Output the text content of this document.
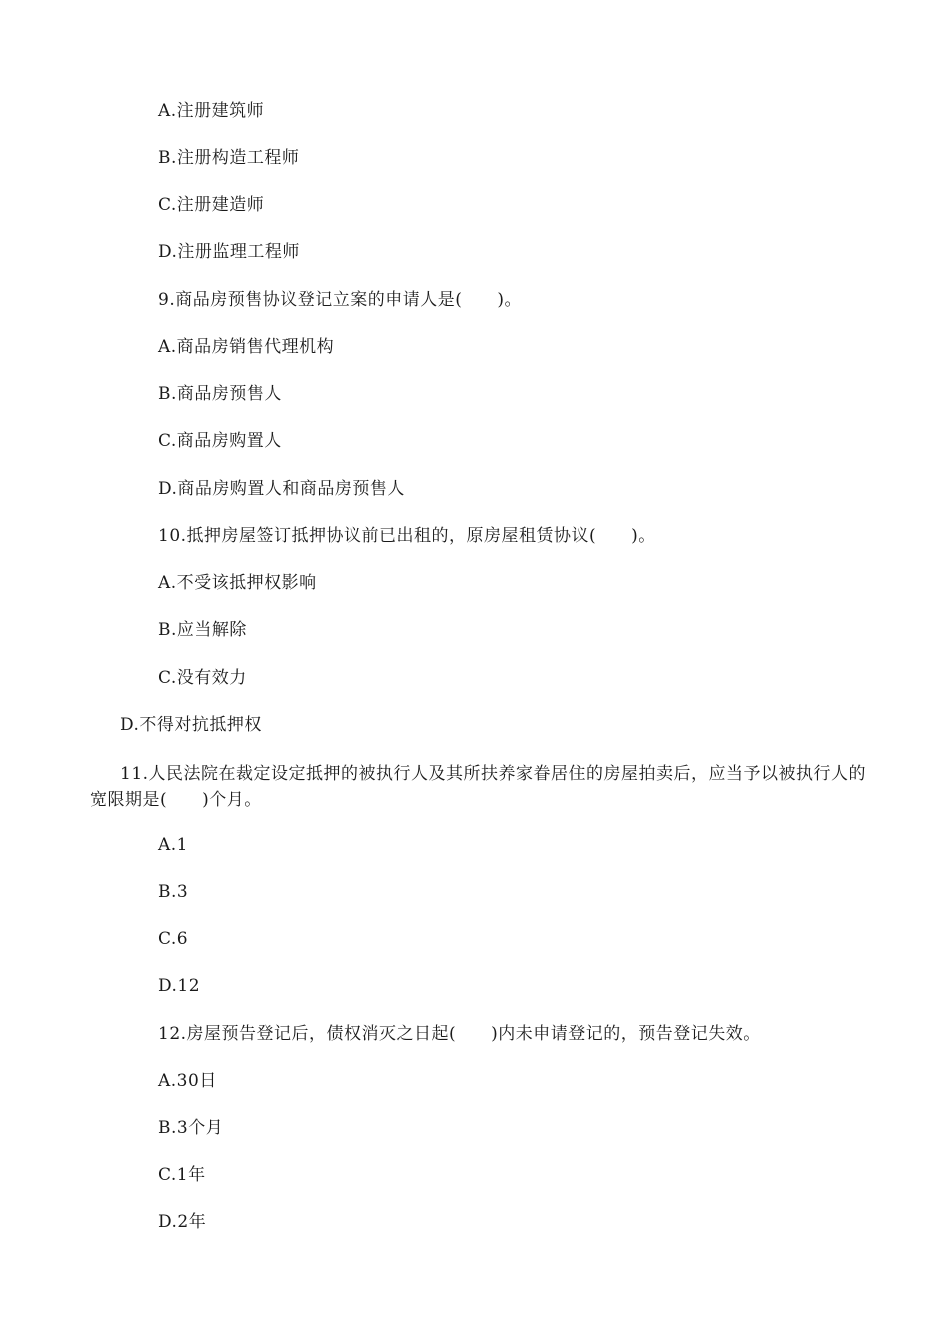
A.注册建筑师
B.注册构造工程师
C.注册建造师
D.注册监理工程师
9.商品房预售协议登记立案的申请人是(　　)。
A.商品房销售代理机构
B.商品房预售人
C.商品房购置人
D.商品房购置人和商品房预售人
10.抵押房屋签订抵押协议前已出租的，原房屋租赁协议(　　)。
A.不受该抵押权影响
B.应当解除
C.没有效力
D.不得对抗抵押权
11.人民法院在裁定设定抵押的被执行人及其所扶养家眷居住的房屋拍卖后，应当予以被执行人的宽限期是(　　)个月。
A.1
B.3
C.6
D.12
12.房屋预告登记后，债权消灭之日起(　　)内未申请登记的，预告登记失效。
A.30日
B.3个月
C.1年
D.2年
